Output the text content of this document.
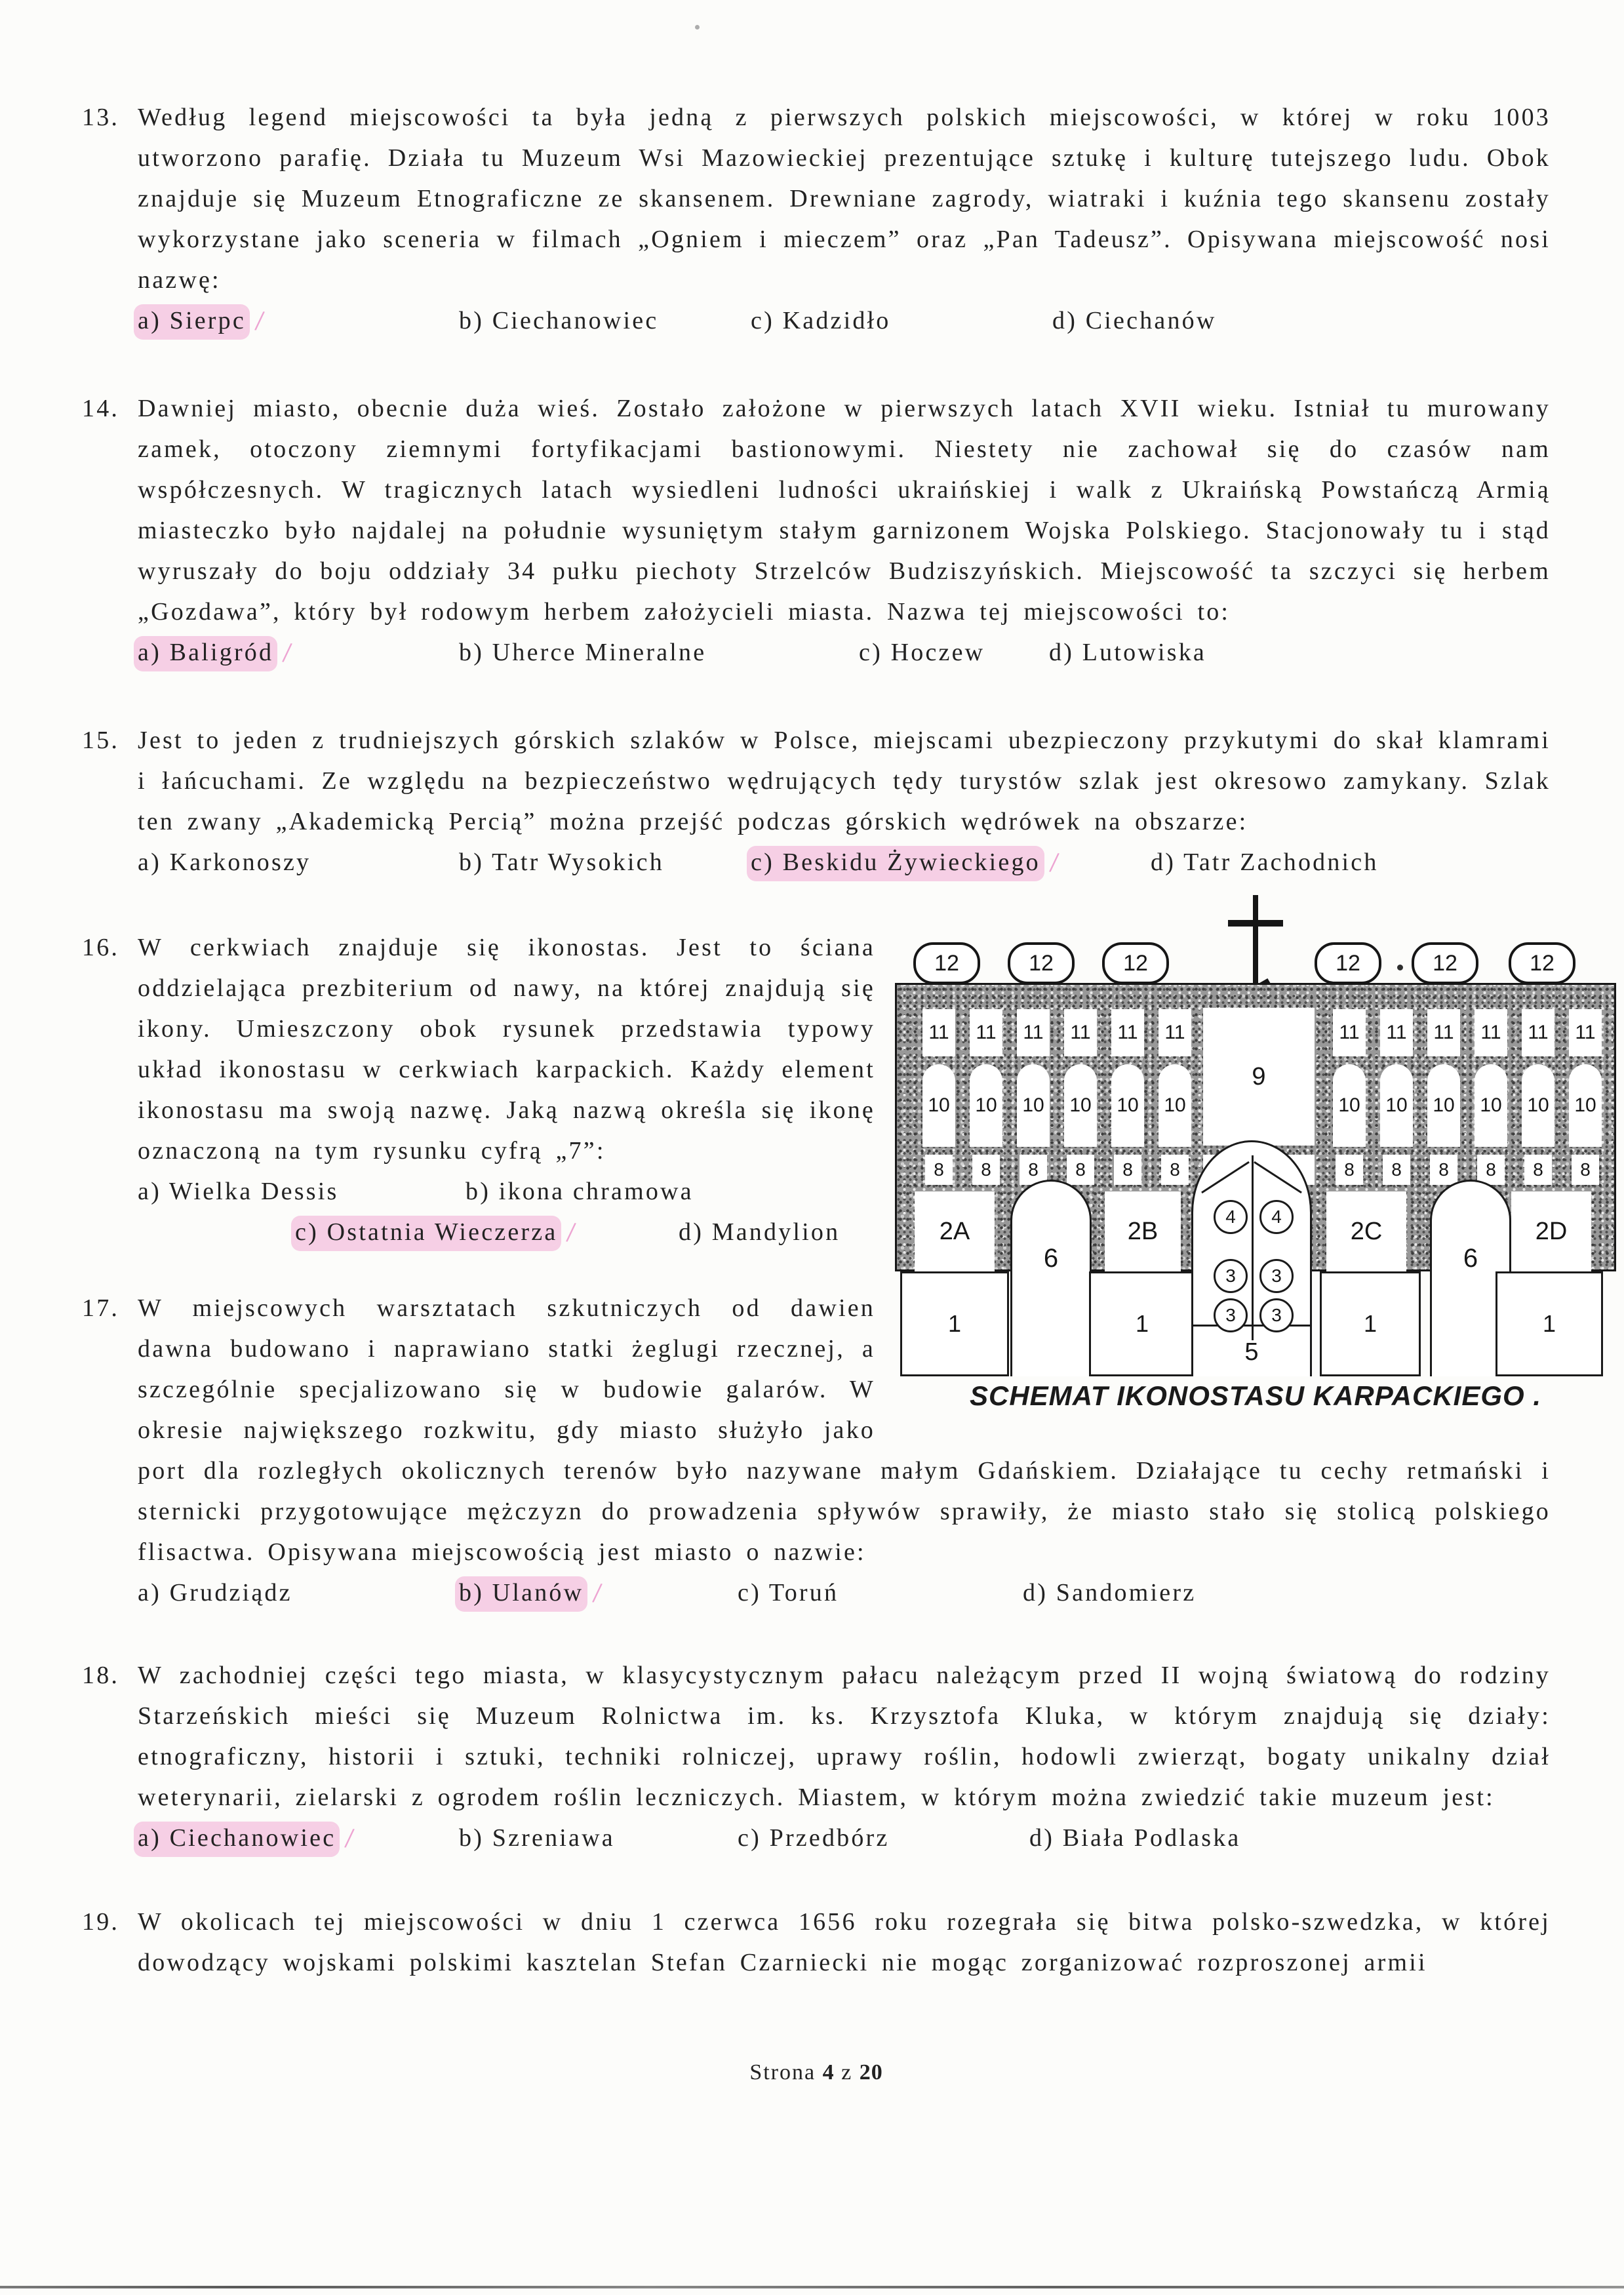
13. Według legend miejscowości ta była jedną z pierwszych polskich miejscowości, w której w roku 1003 utworzono parafię. Działa tu Muzeum Wsi Mazowieckiej prezentujące sztukę i kulturę tutejszego ludu. Obok znajduje się Muzeum Etnograficzne ze skansenem. Drewniane zagrody, wiatraki i kuźnia tego skansenu zostały wykorzystane jako sceneria w filmach „Ogniem i mieczem” oraz „Pan Tadeusz”. Opisywana miejscowość nosi nazwę:

a) Sierpc /	b) Ciechanowiec	c) Kadzidło	d) Ciechanów

14. Dawniej miasto, obecnie duża wieś. Zostało założone w pierwszych latach XVII wieku. Istniał tu murowany zamek, otoczony ziemnymi fortyfikacjami bastionowymi. Niestety nie zachował się do czasów nam współczesnych. W tragicznych latach wysiedleni ludności ukraińskiej i walk z Ukraińską Powstańczą Armią miasteczko było najdalej na południe wysuniętym stałym garnizonem Wojska Polskiego. Stacjonowały tu i stąd wyruszały do boju oddziały 34 pułku piechoty Strzelców Budziszyńskich. Miejscowość ta szczyci się herbem „Gozdawa”, który był rodowym herbem założycieli miasta. Nazwa tej miejscowości to:

a) Baligród /	b) Uherce Mineralne	c) Hoczew	d) Lutowiska

15. Jest to jeden z trudniejszych górskich szlaków w Polsce, miejscami ubezpieczony przykutymi do skał klamrami i łańcuchami. Ze względu na bezpieczeństwo wędrujących tędy turystów szlak jest okresowo zamykany. Szlak ten zwany „Akademicką Percią” można przejść podczas górskich wędrówek na obszarze:

a) Karkonoszy	b) Tatr Wysokich	c) Beskidu Żywieckiego /	d) Tatr Zachodnich
12	12	12	12	12	12
11	11	11	11	11	11	11	11	11	11	11	11
10 10 10 10 10 10	10 10 10 10 10 10
9
8	8	8	8	8	8	8	8	8	8	8	8
2A	2B	2C	2D
6	6
1	1	1	1
4
3
3
4
3
3
5
SCHEMAT IKONOSTASU KARPACKIEGO .

16. W cerkwiach znajduje się ikonostas. Jest to ściana oddzielająca prezbiterium od nawy, na której znajdują się ikony. Umieszczony obok rysunek przedstawia typowy układ ikonostasu w cerkwiach karpackich. Każdy element ikonostasu ma swoją nazwę. Jaką nazwą określa się ikonę oznaczoną na tym rysunku cyfrą „7”:

a) Wielka Dessis	b) ikona chramowa
c) Ostatnia Wieczerza /	d) Mandylion

17. W miejscowych warsztatach szkutniczych od dawien dawna budowano i naprawiano statki żeglugi rzecznej, a szczególnie specjalizowano się w budowie galarów. W okresie największego rozkwitu, gdy miasto służyło jako port dla rozległych okolicznych terenów było nazywane małym Gdańskiem. Działające tu cechy retmański i sternicki przygotowujące mężczyzn do prowadzenia spływów sprawiły, że miasto stało się stolicą polskiego flisactwa. Opisywana miejscowością jest miasto o nazwie:

a) Grudziądz	b) Ulanów /	c) Toruń	d) Sandomierz

18. W zachodniej części tego miasta, w klasycystycznym pałacu należącym przed II wojną światową do rodziny Starzeńskich mieści się Muzeum Rolnictwa im. ks. Krzysztofa Kluka, w którym znajdują się działy: etnograficzny, historii i sztuki, techniki rolniczej, uprawy roślin, hodowli zwierząt, bogaty unikalny dział weterynarii, zielarski z ogrodem roślin leczniczych. Miastem, w którym można zwiedzić takie muzeum jest:

a) Ciechanowiec /	b) Szreniawa	c) Przedbórz	d) Biała Podlaska

19. W okolicach tej miejscowości w dniu 1 czerwca 1656 roku rozegrała się bitwa polsko-szwedzka, w której dowodzący wojskami polskimi kasztelan Stefan Czarniecki nie mogąc zorganizować rozproszonej armii

Strona 4 z 20
